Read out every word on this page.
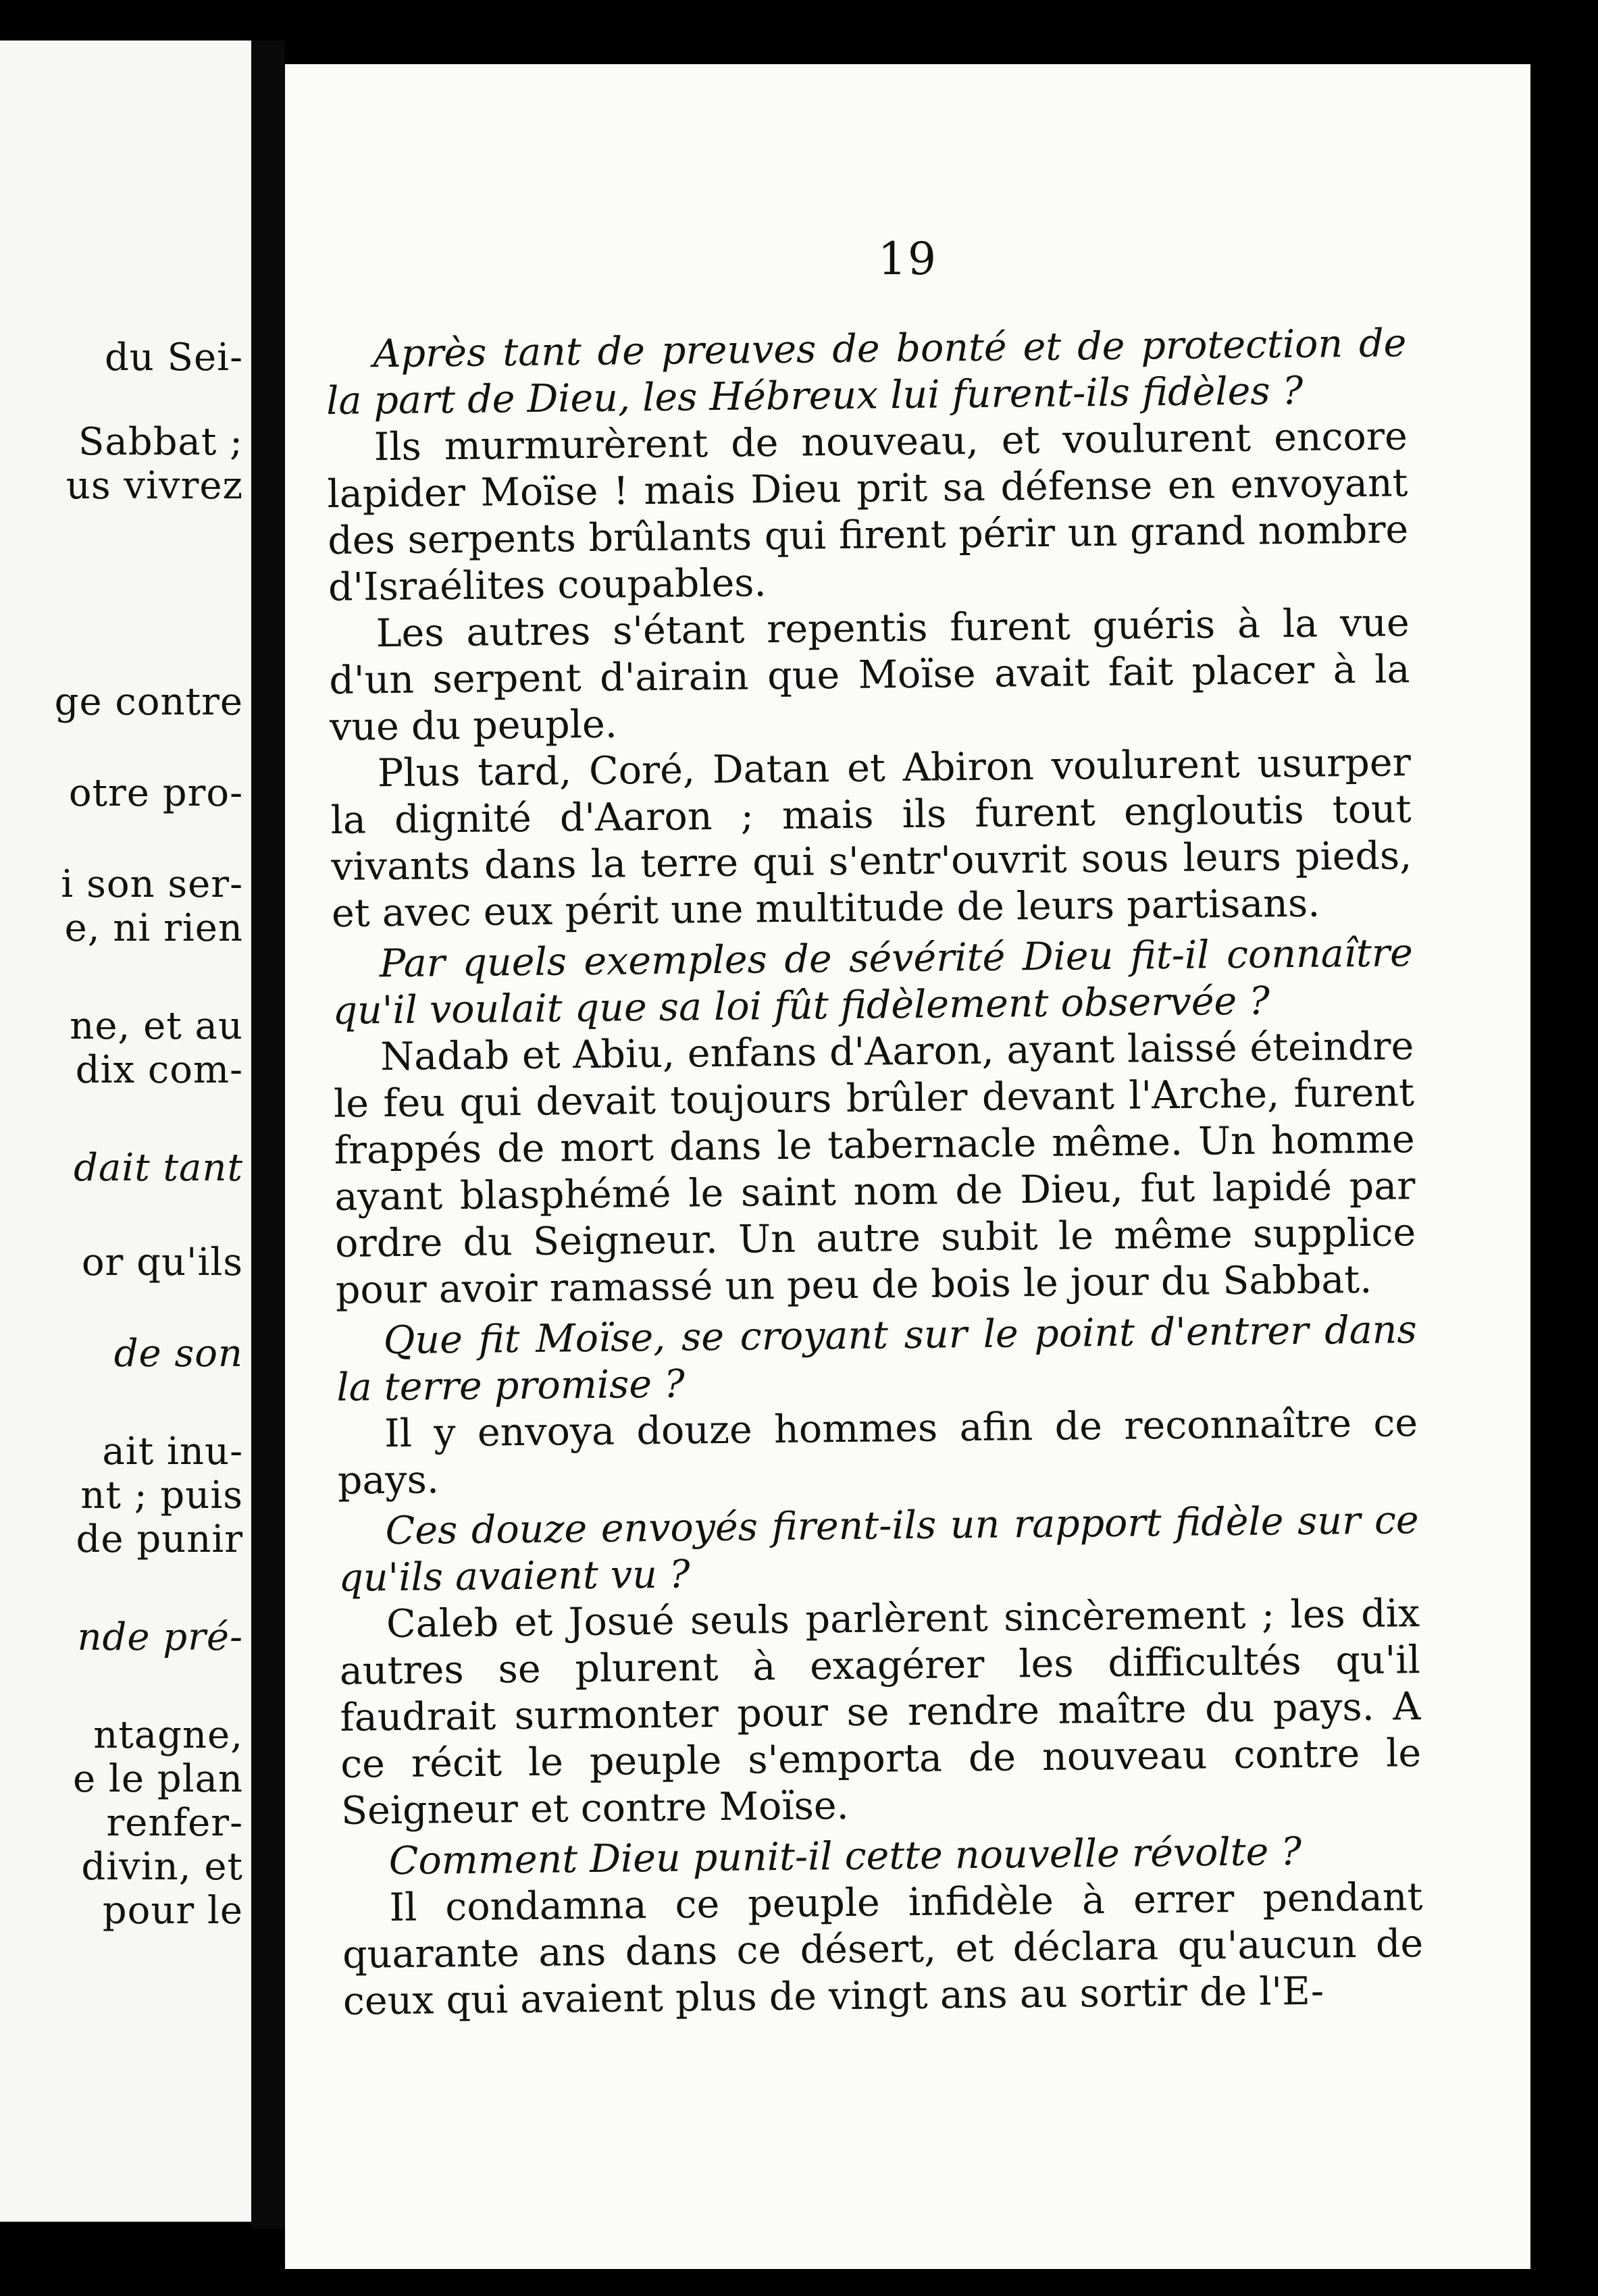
du Sei-
Sabbat ;
us vivrez
ge contre
otre pro-
i son ser-
e, ni rien
ne, et au
dix com-
dait tant
or qu'ils
de son
ait inu-
nt ; puis
de punir
nde pré-
ntagne,
e le plan
renfer-
divin, et
pour le
19

Après tant de preuves de bonté et de protection de la part de Dieu, les Hébreux lui furent-ils fidèles ?

Ils murmurèrent de nouveau, et voulurent encore lapider Moïse ! mais Dieu prit sa défense en envoyant des serpents brûlants qui firent périr un grand nombre d'Israélites coupables.

Les autres s'étant repentis furent guéris à la vue d'un serpent d'airain que Moïse avait fait placer à la vue du peuple.

Plus tard, Coré, Datan et Abiron voulurent usurper la dignité d'Aaron ; mais ils furent engloutis tout vivants dans la terre qui s'entr'ouvrit sous leurs pieds, et avec eux périt une multitude de leurs partisans.

Par quels exemples de sévérité Dieu fit-il connaître qu'il voulait que sa loi fût fidèlement observée ?

Nadab et Abiu, enfans d'Aaron, ayant laissé éteindre le feu qui devait toujours brûler devant l'Arche, furent frappés de mort dans le tabernacle même. Un homme ayant blasphémé le saint nom de Dieu, fut lapidé par ordre du Seigneur. Un autre subit le même supplice pour avoir ramassé un peu de bois le jour du Sabbat.

Que fit Moïse, se croyant sur le point d'entrer dans la terre promise ?

Il y envoya douze hommes afin de reconnaître ce pays.

Ces douze envoyés firent-ils un rapport fidèle sur ce qu'ils avaient vu ?

Caleb et Josué seuls parlèrent sincèrement ; les dix autres se plurent à exagérer les difficultés qu'il faudrait surmonter pour se rendre maître du pays. A ce récit le peuple s'emporta de nouveau contre le Seigneur et contre Moïse.

Comment Dieu punit-il cette nouvelle révolte ?

Il condamna ce peuple infidèle à errer pendant quarante ans dans ce désert, et déclara qu'aucun de ceux qui avaient plus de vingt ans au sortir de l'E-
